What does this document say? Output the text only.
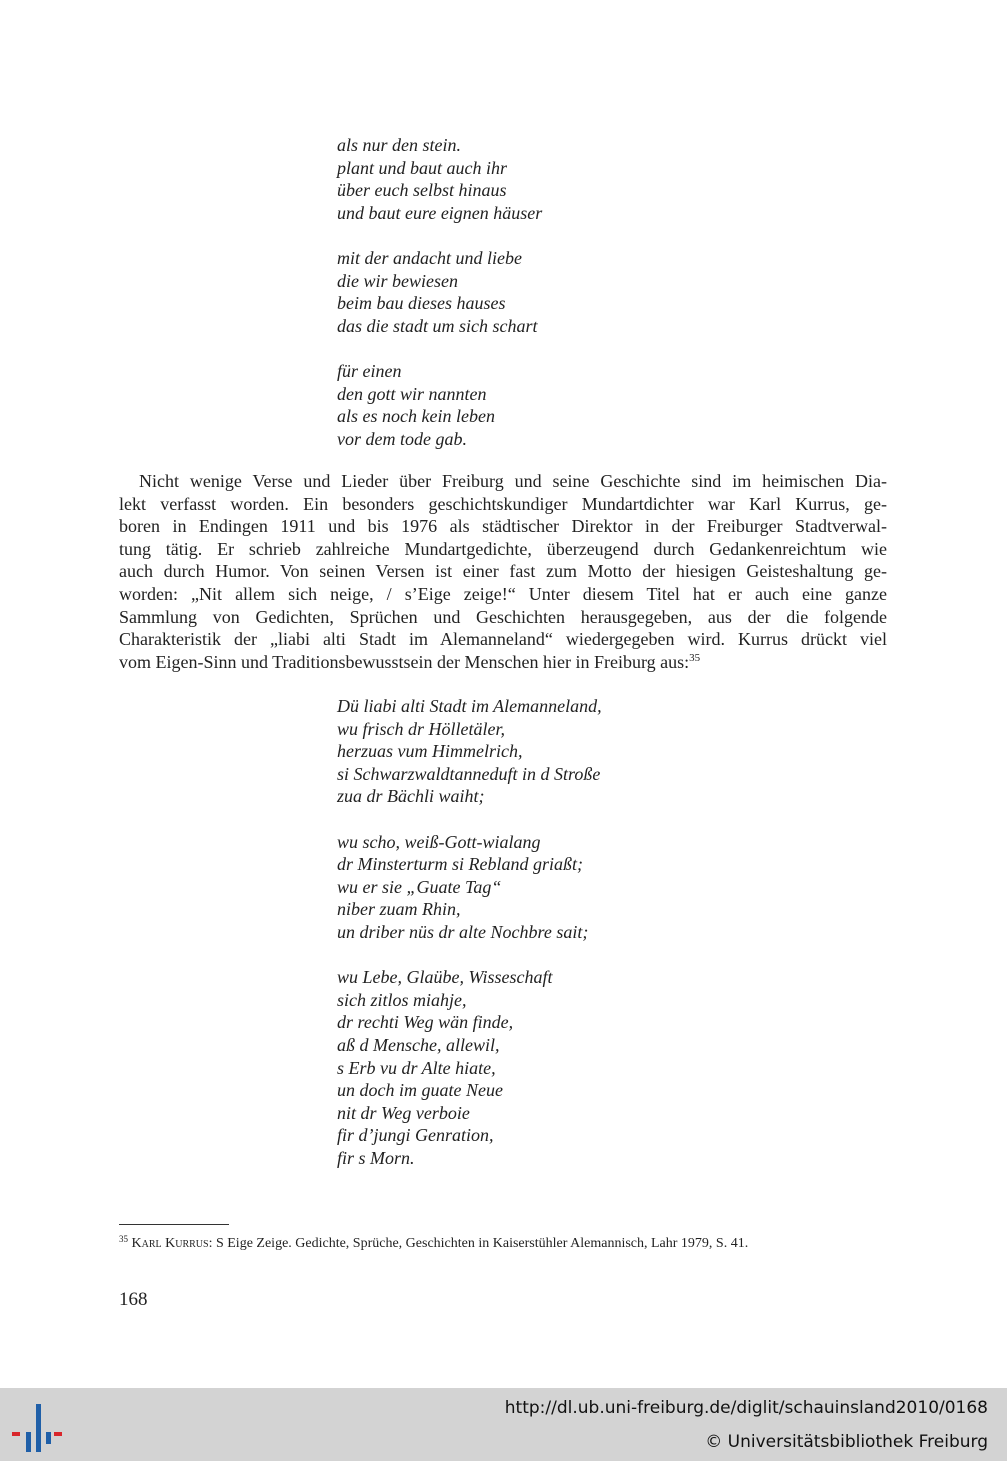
als nur den stein.
plant und baut auch ihr
über euch selbst hinaus
und baut eure eignen häuser
mit der andacht und liebe
die wir bewiesen
beim bau dieses hauses
das die stadt um sich schart
für einen
den gott wir nannten
als es noch kein leben
vor dem tode gab.
Nicht wenige Verse und Lieder über Freiburg und seine Geschichte sind im heimischen Dia-
lekt verfasst worden. Ein besonders geschichtskundiger Mundartdichter war Karl Kurrus, ge-
boren in Endingen 1911 und bis 1976 als städtischer Direktor in der Freiburger Stadtverwal-
tung tätig. Er schrieb zahlreiche Mundartgedichte, überzeugend durch Gedankenreichtum wie
auch durch Humor. Von seinen Versen ist einer fast zum Motto der hiesigen Geisteshaltung ge-
worden: „Nit allem sich neige, / s’Eige zeige!“ Unter diesem Titel hat er auch eine ganze
Sammlung von Gedichten, Sprüchen und Geschichten herausgegeben, aus der die folgende
Charakteristik der „liabi alti Stadt im Alemanneland“ wiedergegeben wird. Kurrus drückt viel
vom Eigen-Sinn und Traditionsbewusstsein der Menschen hier in Freiburg aus:$^{35}$
Dü liabi alti Stadt im Alemanneland,
wu frisch dr Hölletäler,
herzuas vum Himmelrich,
si Schwarzwaldtanneduft in d Stroße
zua dr Bächli waiht;
wu scho, weiß-Gott-wialang
dr Minsterturm si Rebland griaßt;
wu er sie „Guate Tag“
niber zuam Rhin,
un driber nüs dr alte Nochbre sait;
wu Lebe, Glaübe, Wisseschaft
sich zitlos miahje,
dr rechti Weg wän finde,
aß d Mensche, allewil,
s Erb vu dr Alte hiate,
un doch im guate Neue
nit dr Weg verboie
fir d’jungi Genration,
fir s Morn.
$^{35}$ Karl Kurrus: S Eige Zeige. Gedichte, Sprüche, Geschichten in Kaiserstühler Alemannisch, Lahr 1979, S. 41.
168
http://dl.ub.uni-freiburg.de/diglit/schauinsland2010/0168
© Universitätsbibliothek Freiburg
